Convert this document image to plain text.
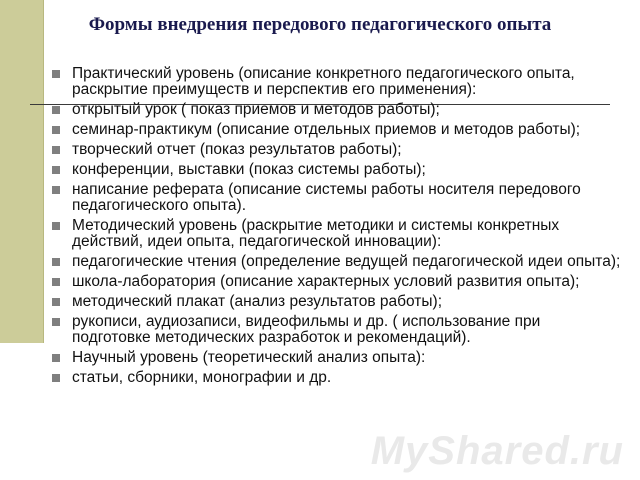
Формы внедрения передового педагогического опыта
Практический уровень (описание конкретного педагогического опыта, раскрытие преимуществ и перспектив его применения):
открытый урок ( показ приемов и методов работы);
семинар-практикум (описание отдельных приемов и методов работы);
творческий отчет (показ результатов работы);
конференции, выставки (показ системы работы);
написание реферата (описание системы работы носителя передового педагогического опыта).
Методический уровень (раскрытие методики и системы конкретных действий, идеи опыта, педагогической инновации):
педагогические чтения (определение ведущей педагогической идеи опыта);
школа-лаборатория (описание характерных условий развития опыта);
методический плакат (анализ результатов работы);
рукописи, аудиозаписи, видеофильмы и др. ( использование при подготовке методических разработок и рекомендаций).
Научный уровень (теоретический анализ опыта):
статьи, сборники, монографии и др.
MyShared.ru
